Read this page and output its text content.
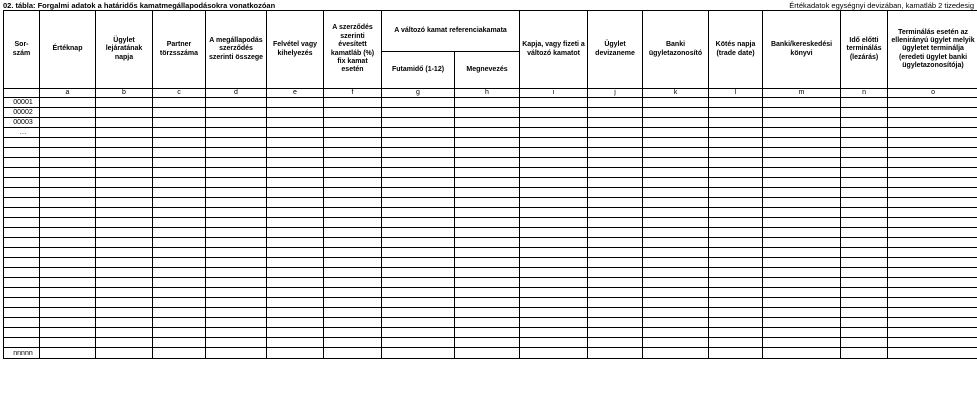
02. tábla: Forgalmi adatok a határidős kamatmegállapodásokra vonatkozóan	Értékadatok egységnyi devizában, kamatláb 2 tizedesig
Sor-szám	Értéknap	Ügylet lejáratának napja	Partner törzsszáma	A megállapodás szerződés szerinti összege	Felvétel vagy kihelyezés	A szerződés szerinti évesített kamatláb (%) fix kamat esetén	A változó kamat referenciakamata		Kapja, vagy fizeti a változó kamatot	Ügylet devizaneme	Banki ügyletazonosító	Kötés napja (trade date)	Banki/kereskedési könyvi	Idő előtti terminálás (lezárás)	Terminálás esetén az ellenirányú ügylet melyik ügyletet terminálja (eredeti ügylet banki ügyletazonosítója)
							Futamidő (1-12)	Megnevezés							
	a	b	c	d	e	f	g	h	i	j	k	l	m	n	o
00001															
00002															
00003															
…															

nnnnn															
